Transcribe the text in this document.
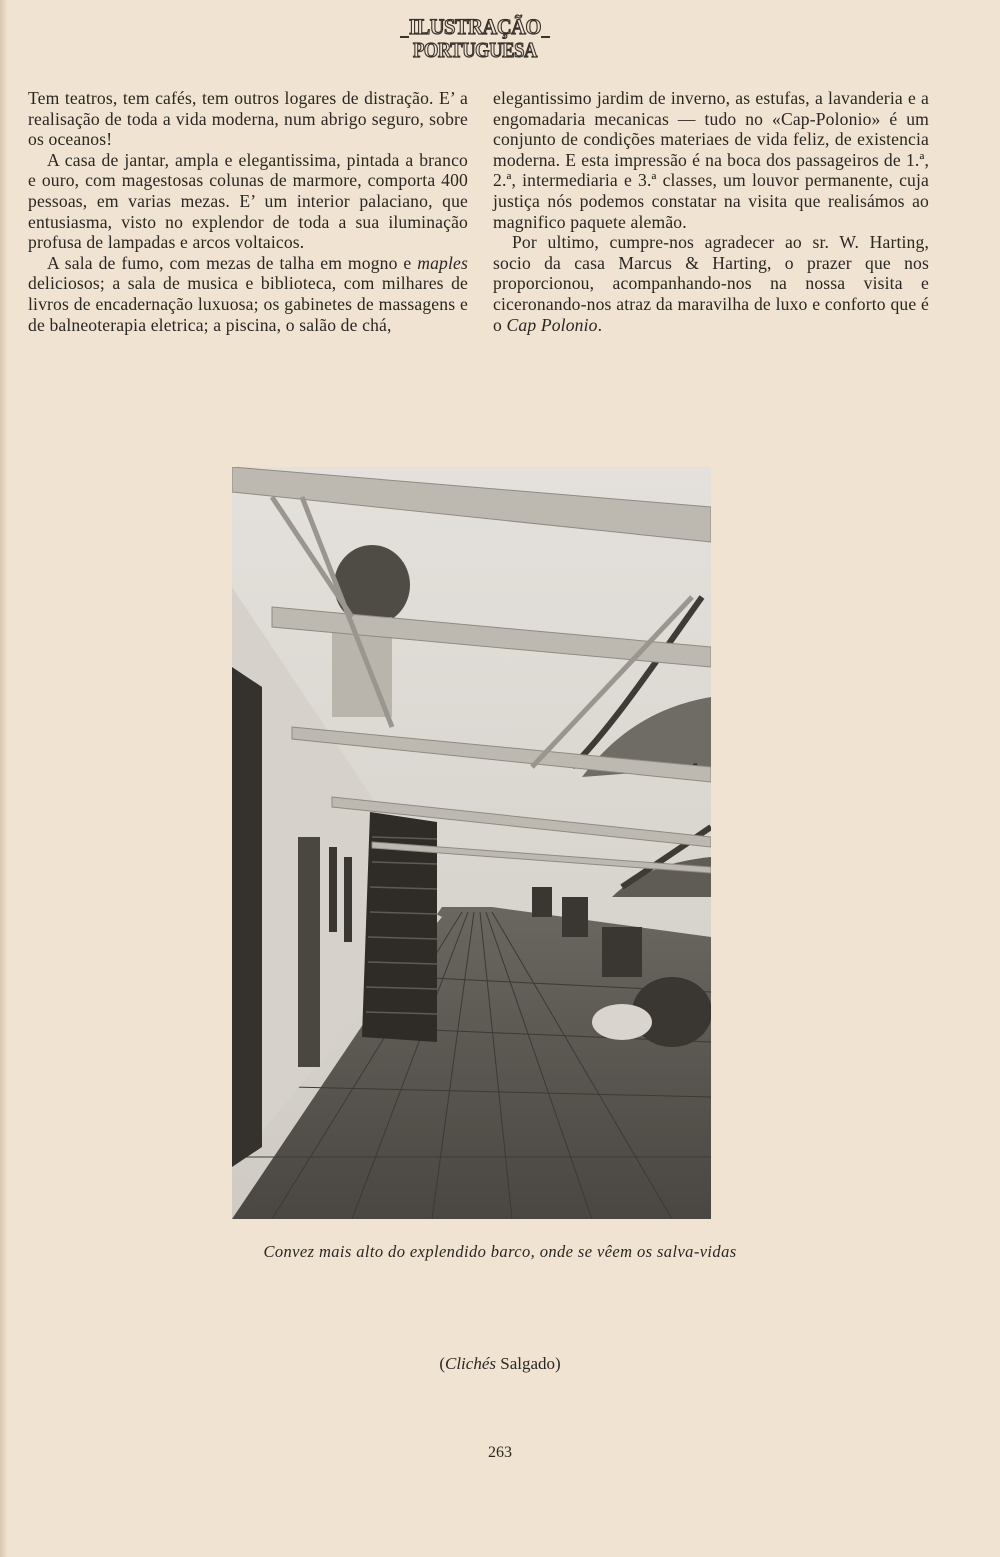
ILUSTRAÇÃO
PORTUGUESA

Tem teatros, tem cafés, tem outros logares de distração. E’ a realisação de toda a vida moderna, num abrigo seguro, sobre os oceanos!

A casa de jantar, ampla e elegantissima, pintada a branco e ouro, com magestosas colunas de marmore, comporta 400 pessoas, em varias mezas. E’ um interior palaciano, que entusiasma, visto no explendor de toda a sua iluminação profusa de lampadas e arcos voltaicos.

A sala de fumo, com mezas de talha em mogno e maples deliciosos; a sala de musica e biblioteca, com milhares de livros de encadernação luxuosa; os gabinetes de massagens e de balneoterapia eletrica; a piscina, o salão de chá,

elegantissimo jardim de inverno, as estufas, a lavanderia e a engomadaria mecanicas — tudo no «Cap-Polonio» é um conjunto de condições materiaes de vida feliz, de existencia moderna. E esta impressão é na boca dos passageiros de 1.ª, 2.ª, intermediaria e 3.ª classes, um louvor permanente, cuja justiça nós podemos constatar na visita que realisámos ao magnifico paquete alemão.

Por ultimo, cumpre-nos agradecer ao sr. W. Harting, socio da casa Marcus & Harting, o prazer que nos proporcionou, acompanhando-nos na nossa visita e ciceronando-nos atraz da maravilha de luxo e conforto que é o Cap Polonio.

Convez mais alto do explendido barco, onde se vêem os salva-vidas
(Clichés Salgado)
263
